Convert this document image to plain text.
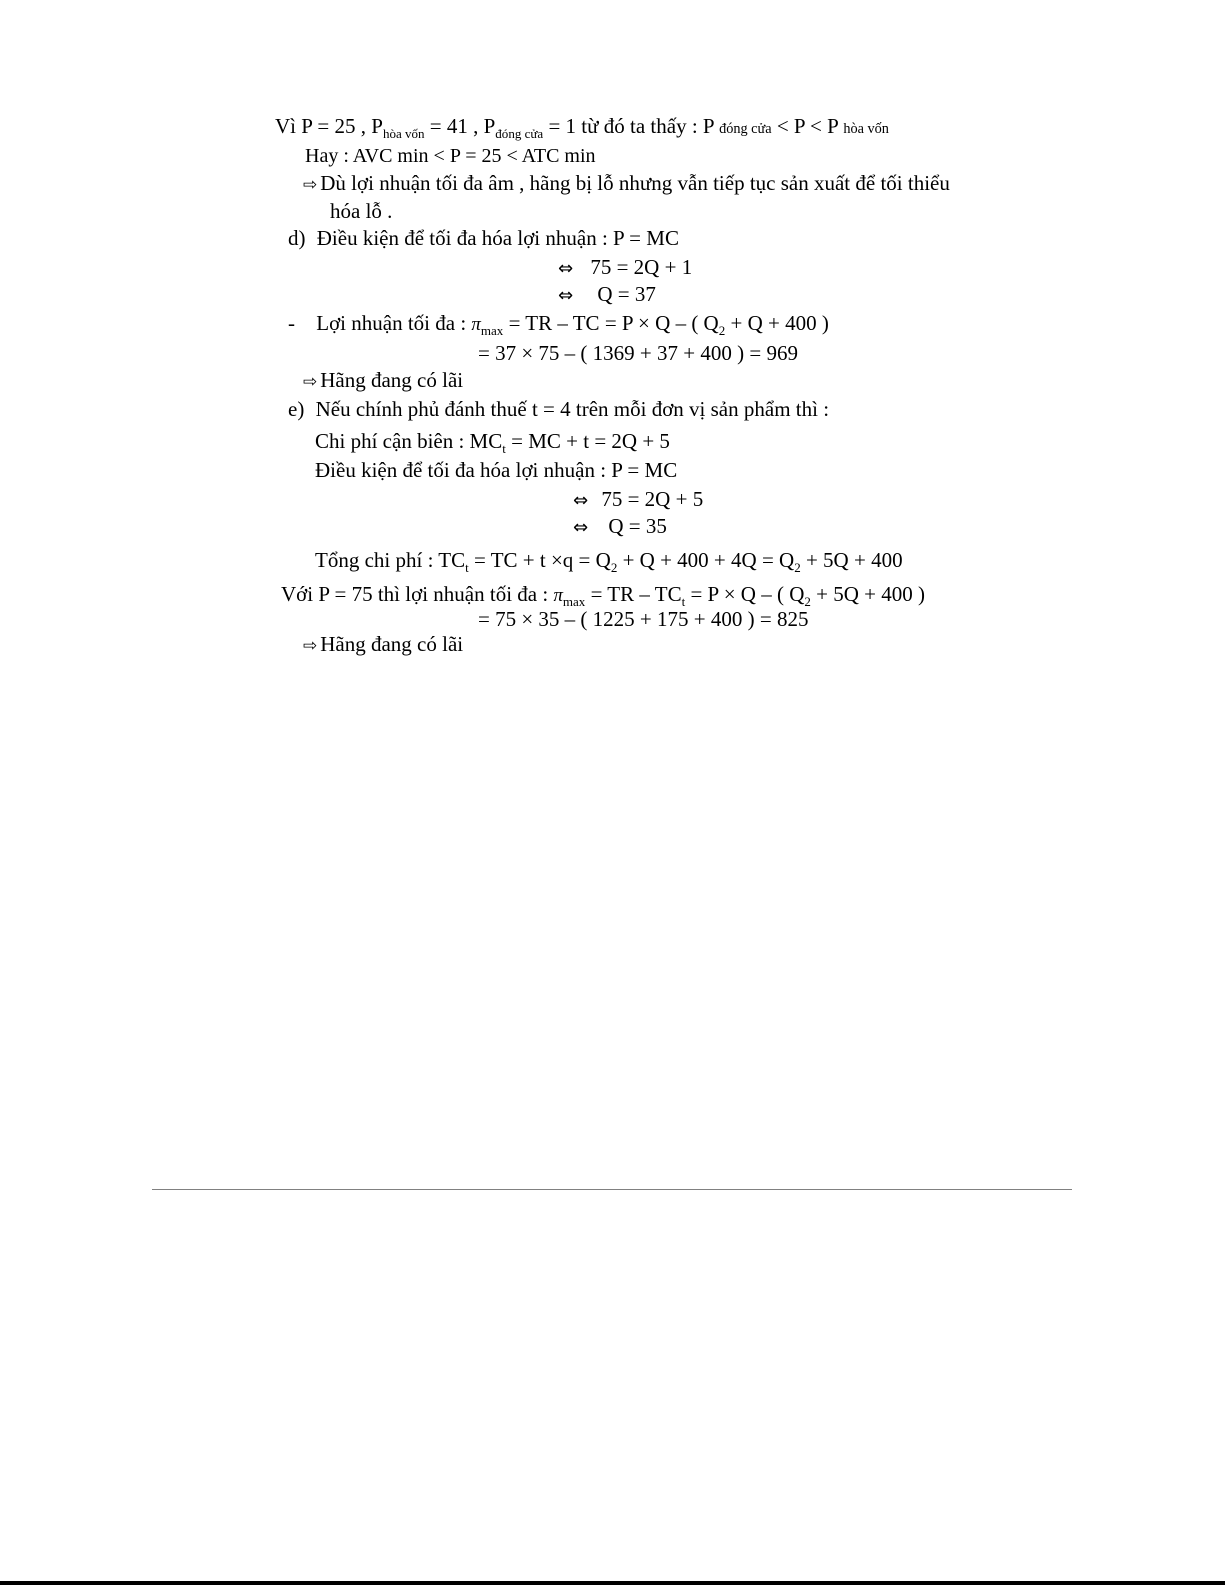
Vì P = 25 , $P_{hòa vốn} = 41$ , $P_{đóng cửa} = 1$ từ đó ta thấy : P đóng cửa < P < P hòa vốn
Hay : AVC min < P = 25 < ATC min
⇨ Dù lợi nhuận tối đa âm , hãng bị lỗ nhưng vẫn tiếp tục sản xuất để tối thiểu
hóa lỗ .
d) Điều kiện để tối đa hóa lợi nhuận : P = MC
⇔ 75 = 2Q + 1
⇔ Q = 37
- Lợi nhuận tối đa : $\pi_{max}$ = TR – TC = P × Q – ( $Q_2 + Q + 400$ )
= 37 × 75 – ( 1369 + 37 + 400 ) = 969
⇨ Hãng đang có lãi
e) Nếu chính phủ đánh thuế t = 4 trên mỗi đơn vị sản phẩm thì :
Chi phí cận biên : $MC_t$ = MC + t = 2Q + 5
Điều kiện để tối đa hóa lợi nhuận : P = MC
⇔ 75 = 2Q + 5
⇔ Q = 35
Tổng chi phí : $TC_t$ = TC + $t \times q = Q_2 + Q + 400 + 4Q = Q_2 + 5Q + 400$
Với P = 75 thì lợi nhuận tối đa : $\pi_{max}$ = TR – $TC_t = P \times Q$ – ( $Q_2 + 5Q + 400$ )
= 75 × 35 – ( 1225 + 175 + 400 ) = 825
⇨ Hãng đang có lãi
